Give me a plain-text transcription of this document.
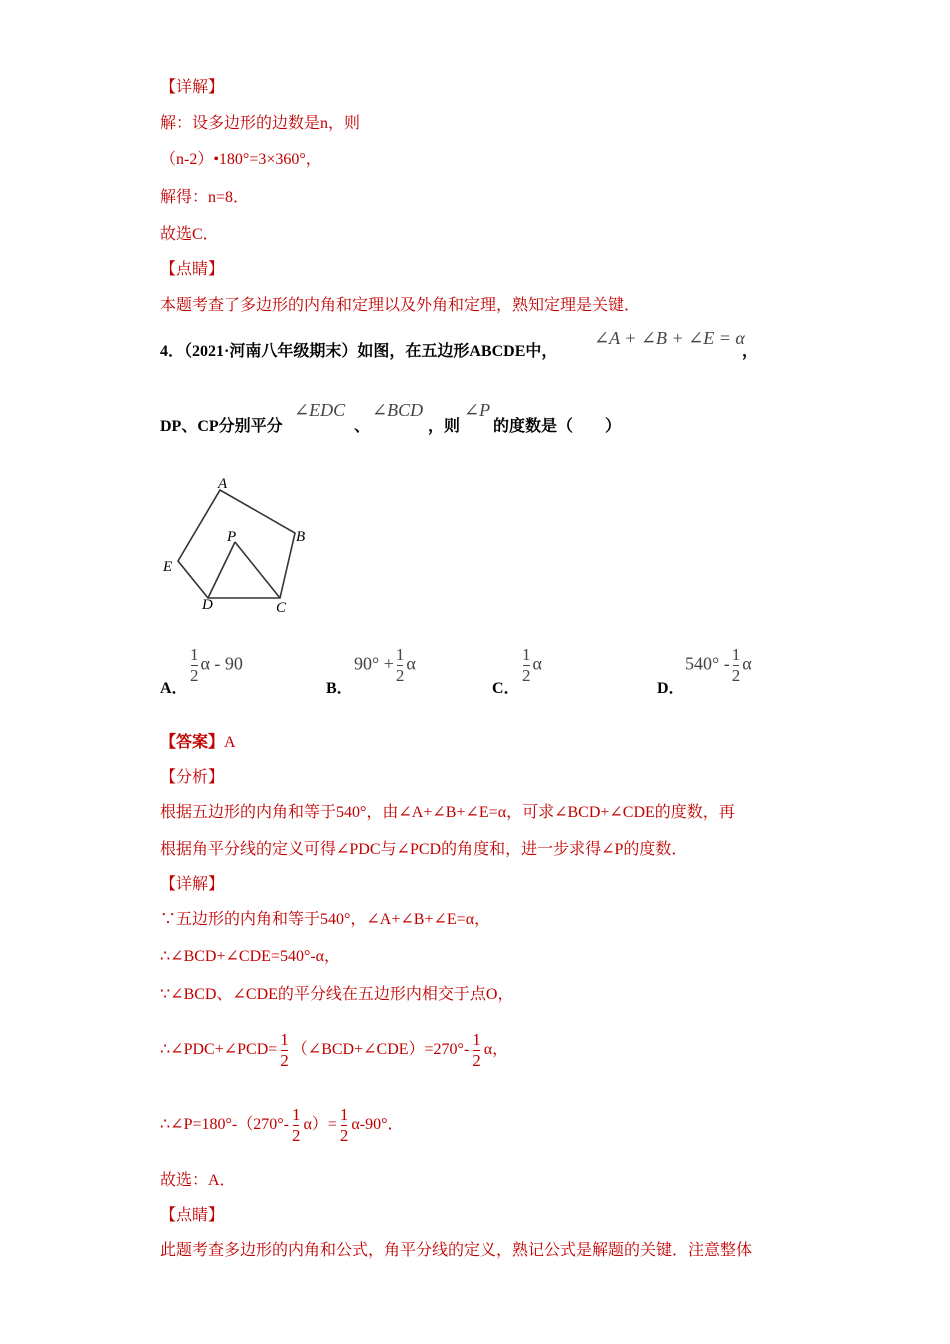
【详解】
解：设多边形的边数是n，则
（n-2）•180°=3×360°，
解得：n=8．
故选C．
【点睛】
本题考查了多边形的内角和定理以及外角和定理，熟知定理是关键．
4．（2021·河南八年级期末）如图，在五边形ABCDE中，
∠A + ∠B + ∠E = α
，
DP、CP分别平分
∠EDC
、
∠BCD
，则
∠P
的度数是（　　）
A
B
C
D
E
P
A．
$\frac{1}{2}$ α - 90
B．
$90^\circ + \frac{1}{2}$ α
C．
$\frac{1}{2}$ α
D．
$540^\circ - \frac{1}{2}$ α
【答案】A
【分析】
根据五边形的内角和等于540°，由∠A+∠B+∠E=α，可求∠BCD+∠CDE的度数，再
根据角平分线的定义可得∠PDC与∠PCD的角度和，进一步求得∠P的度数．
【详解】
∵五边形的内角和等于540°，∠A+∠B+∠E=α，
∴∠BCD+∠CDE=540°-α，
∵∠BCD、∠CDE的平分线在五边形内相交于点O，
∴∠PDC+∠PCD= $\frac{1}{2}$ （∠BCD+∠CDE）=270°- $\frac{1}{2}$ α，
∴∠P=180°-（270°- $\frac{1}{2} \alpha)= \frac{1}{2} \alpha-90^\circ$．
故选：A．
【点睛】
此题考查多边形的内角和公式，角平分线的定义，熟记公式是解题的关键．注意整体
